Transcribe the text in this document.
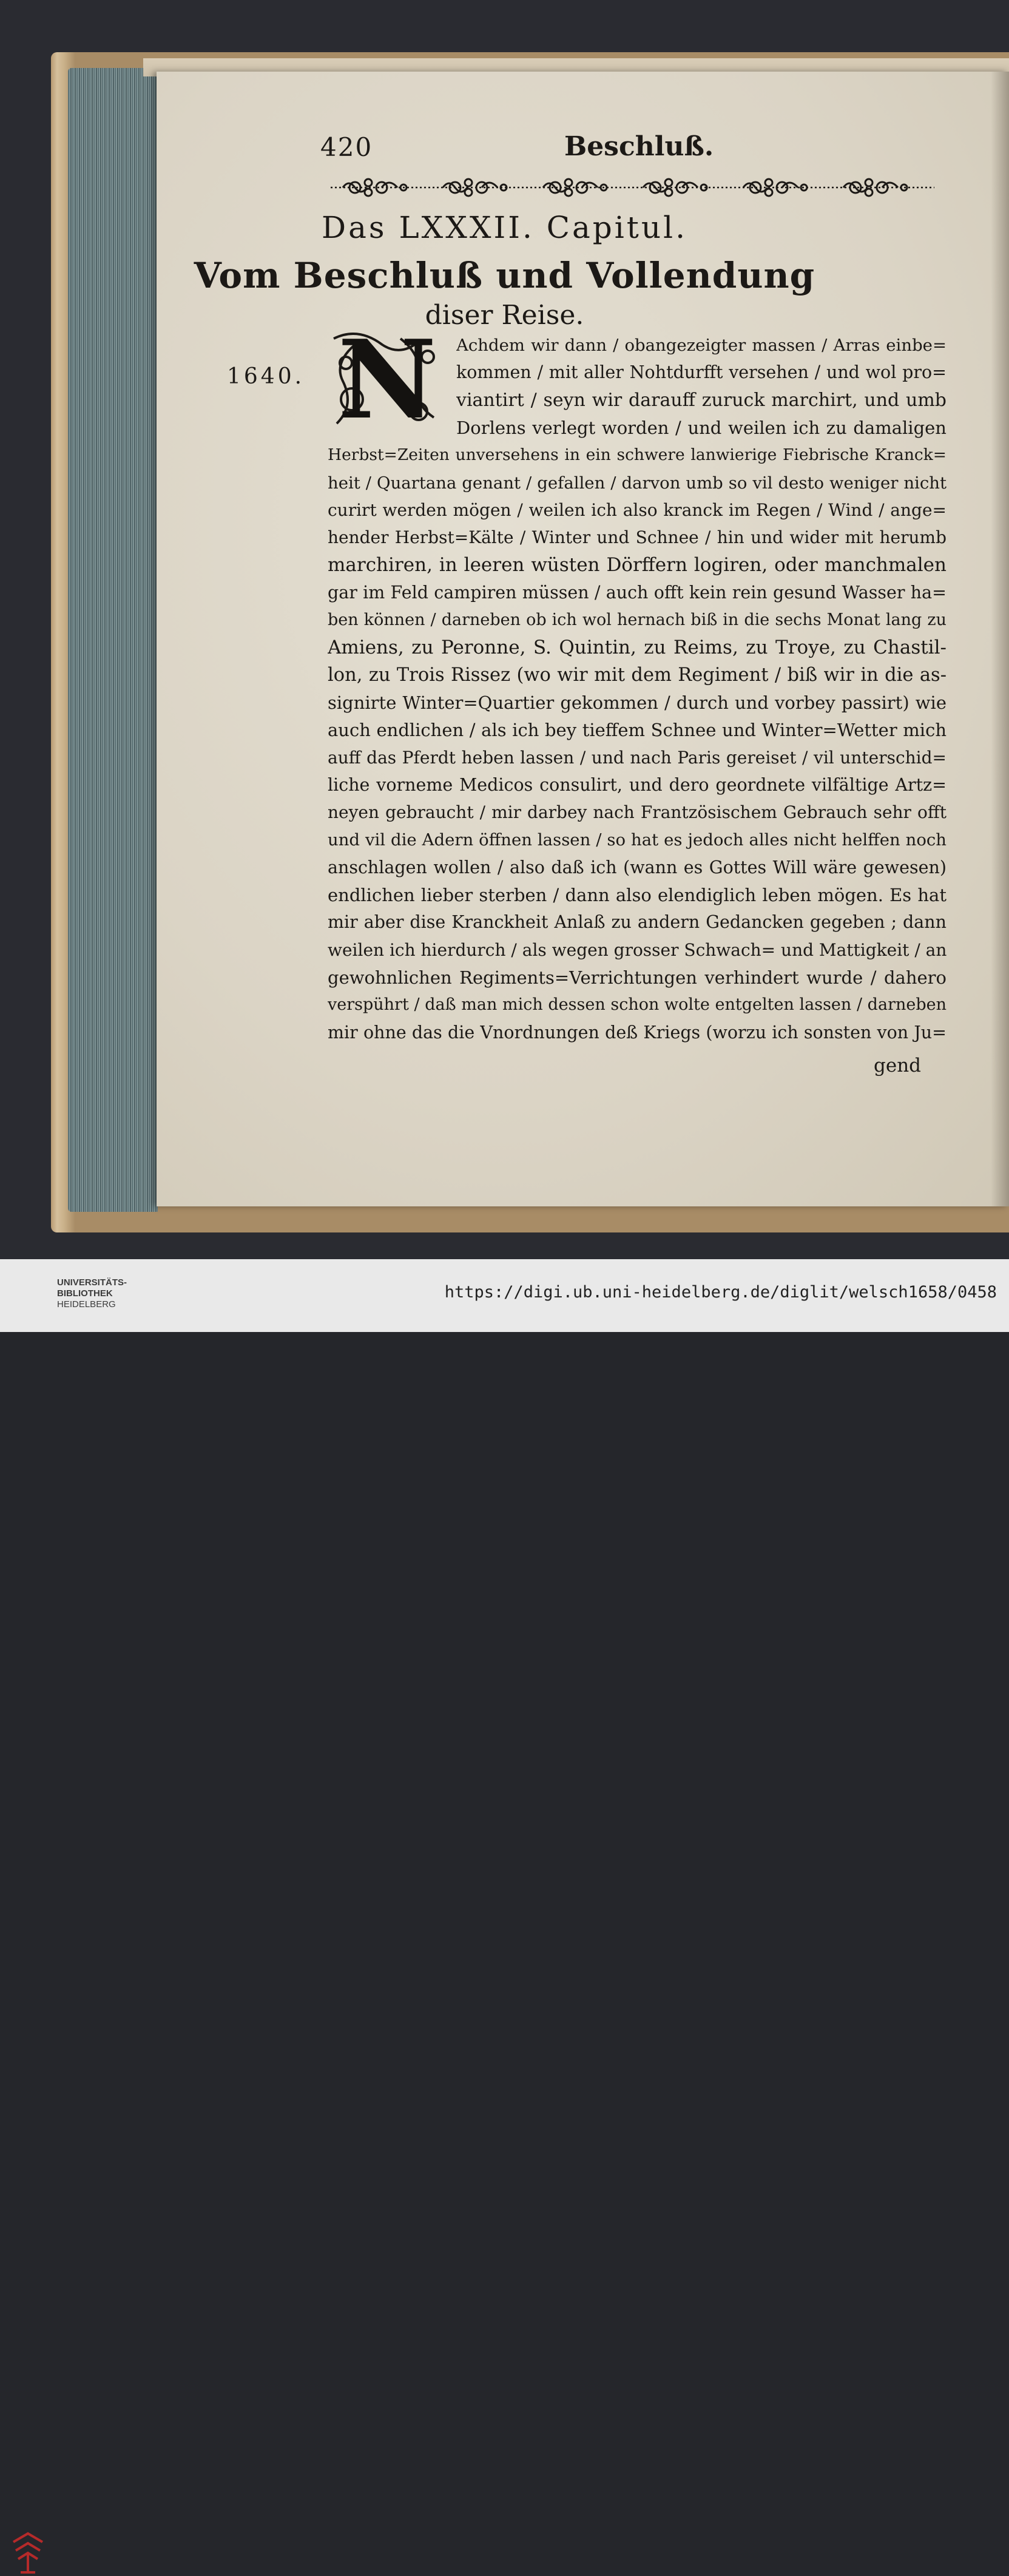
420	Beschluß.
Das LXXXII. Capitul.
Vom Beschluß und Vollendung
diser Reise.
1640. N	Achdem wir dann / obangezeigter massen / Arras einbe=
kommen / mit aller Nohtdurfft versehen / und wol pro=
viantirt / seyn wir darauff zuruck marchirt, und umb
Dorlens verlegt worden / und weilen ich zu damaligen
Herbst=Zeiten unversehens in ein schwere lanwierige Fiebrische Kranck=
heit / Quartana genant / gefallen / darvon umb so vil desto weniger nicht
curirt werden mögen / weilen ich also kranck im Regen / Wind / ange=
hender Herbst=Kälte / Winter und Schnee / hin und wider mit herumb
marchiren, in leeren wüsten Dörffern logiren, oder manchmalen
gar im Feld campiren müssen / auch offt kein rein gesund Wasser ha=
ben können / darneben ob ich wol hernach biß in die sechs Monat lang zu
Amiens, zu Peronne, S. Quintin, zu Reims, zu Troye, zu Chastil-
lon, zu Trois Rissez (wo wir mit dem Regiment / biß wir in die as-
signirte Winter=Quartier gekommen / durch und vorbey passirt) wie
auch endlichen / als ich bey tieffem Schnee und Winter=Wetter mich
auff das Pferdt heben lassen / und nach Paris gereiset / vil unterschid=
liche vorneme Medicos consulirt, und dero geordnete vilfältige Artz=
neyen gebraucht / mir darbey nach Frantzösischem Gebrauch sehr offt
und vil die Adern öffnen lassen / so hat es jedoch alles nicht helffen noch
anschlagen wollen / also daß ich (wann es Gottes Will wäre gewesen)
endlichen lieber sterben / dann also elendiglich leben mögen. Es hat
mir aber dise Kranckheit Anlaß zu andern Gedancken gegeben ; dann
weilen ich hierdurch / als wegen grosser Schwach= und Mattigkeit / an
gewohnlichen Regiments=Verrichtungen verhindert wurde / dahero
verspührt / daß man mich dessen schon wolte entgelten lassen / darneben
mir ohne das die Vnordnungen deß Kriegs (worzu ich sonsten von Ju=
gend
UNIVERSITÄTS-
BIBLIOTHEK
HEIDELBERG
https://digi.ub.uni-heidelberg.de/diglit/welsch1658/0458
